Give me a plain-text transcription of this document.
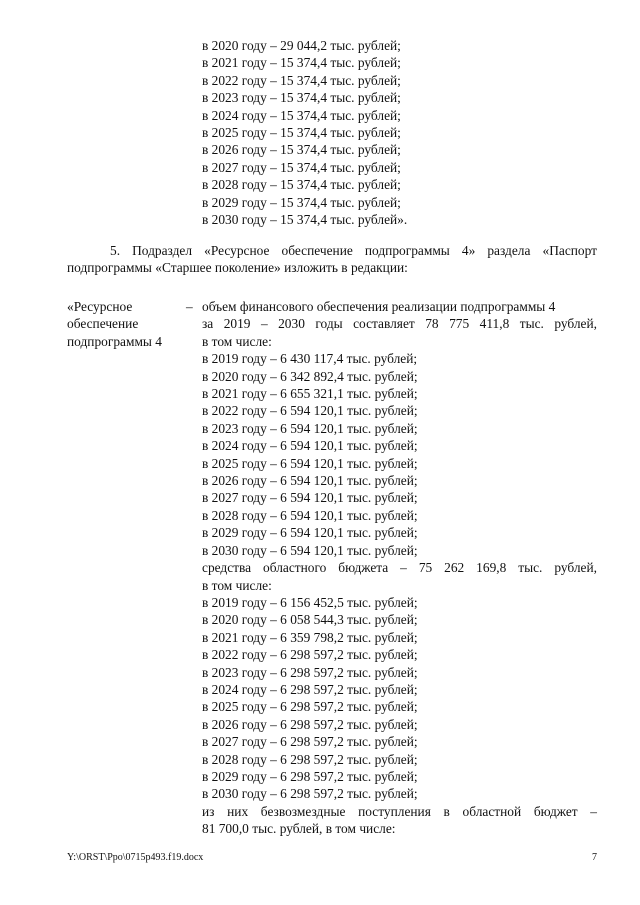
в 2020 году – 29 044,2 тыс. рублей;
в 2021 году – 15 374,4 тыс. рублей;
в 2022 году – 15 374,4 тыс. рублей;
в 2023 году – 15 374,4 тыс. рублей;
в 2024 году – 15 374,4 тыс. рублей;
в 2025 году – 15 374,4 тыс. рублей;
в 2026 году – 15 374,4 тыс. рублей;
в 2027 году – 15 374,4 тыс. рублей;
в 2028 году – 15 374,4 тыс. рублей;
в 2029 году – 15 374,4 тыс. рублей;
в 2030 году – 15 374,4 тыс. рублей».
5. Подраздел «Ресурсное обеспечение подпрограммы 4» раздела «Паспорт
подпрограммы «Старшее поколение» изложить в редакции:
«Ресурсное
обеспечение
подпрограммы 4
– объем финансового обеспечения реализации подпрограммы 4
за 2019 – 2030 годы составляет 78 775 411,8 тыс. рублей,
в том числе:
в 2019 году – 6 430 117,4 тыс. рублей;
в 2020 году – 6 342 892,4 тыс. рублей;
в 2021 году – 6 655 321,1 тыс. рублей;
в 2022 году – 6 594 120,1 тыс. рублей;
в 2023 году – 6 594 120,1 тыс. рублей;
в 2024 году – 6 594 120,1 тыс. рублей;
в 2025 году – 6 594 120,1 тыс. рублей;
в 2026 году – 6 594 120,1 тыс. рублей;
в 2027 году – 6 594 120,1 тыс. рублей;
в 2028 году – 6 594 120,1 тыс. рублей;
в 2029 году – 6 594 120,1 тыс. рублей;
в 2030 году – 6 594 120,1 тыс. рублей;
средства областного бюджета – 75 262 169,8 тыс. рублей,
в том числе:
в 2019 году – 6 156 452,5 тыс. рублей;
в 2020 году – 6 058 544,3 тыс. рублей;
в 2021 году – 6 359 798,2 тыс. рублей;
в 2022 году – 6 298 597,2 тыс. рублей;
в 2023 году – 6 298 597,2 тыс. рублей;
в 2024 году – 6 298 597,2 тыс. рублей;
в 2025 году – 6 298 597,2 тыс. рублей;
в 2026 году – 6 298 597,2 тыс. рублей;
в 2027 году – 6 298 597,2 тыс. рублей;
в 2028 году – 6 298 597,2 тыс. рублей;
в 2029 году – 6 298 597,2 тыс. рублей;
в 2030 году – 6 298 597,2 тыс. рублей;
из них безвозмездные поступления в областной бюджет –
81 700,0 тыс. рублей, в том числе:
Y:\ORST\Ppo\0715p493.f19.docx	7
